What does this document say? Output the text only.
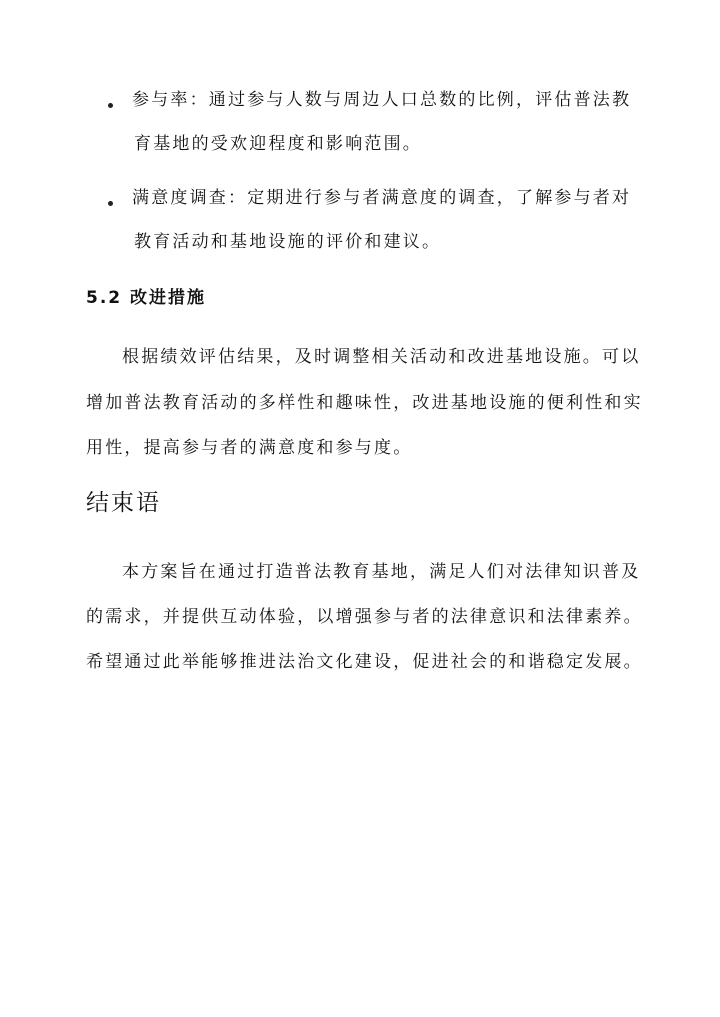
参与率：通过参与人数与周边人口总数的比例，评估普法教
育基地的受欢迎程度和影响范围。
满意度调查：定期进行参与者满意度的调查，了解参与者对
教育活动和基地设施的评价和建议。
5.2 改进措施
根据绩效评估结果，及时调整相关活动和改进基地设施。可以
增加普法教育活动的多样性和趣味性，改进基地设施的便利性和实
用性，提高参与者的满意度和参与度。
结束语
本方案旨在通过打造普法教育基地，满足人们对法律知识普及
的需求，并提供互动体验，以增强参与者的法律意识和法律素养。
希望通过此举能够推进法治文化建设，促进社会的和谐稳定发展。
